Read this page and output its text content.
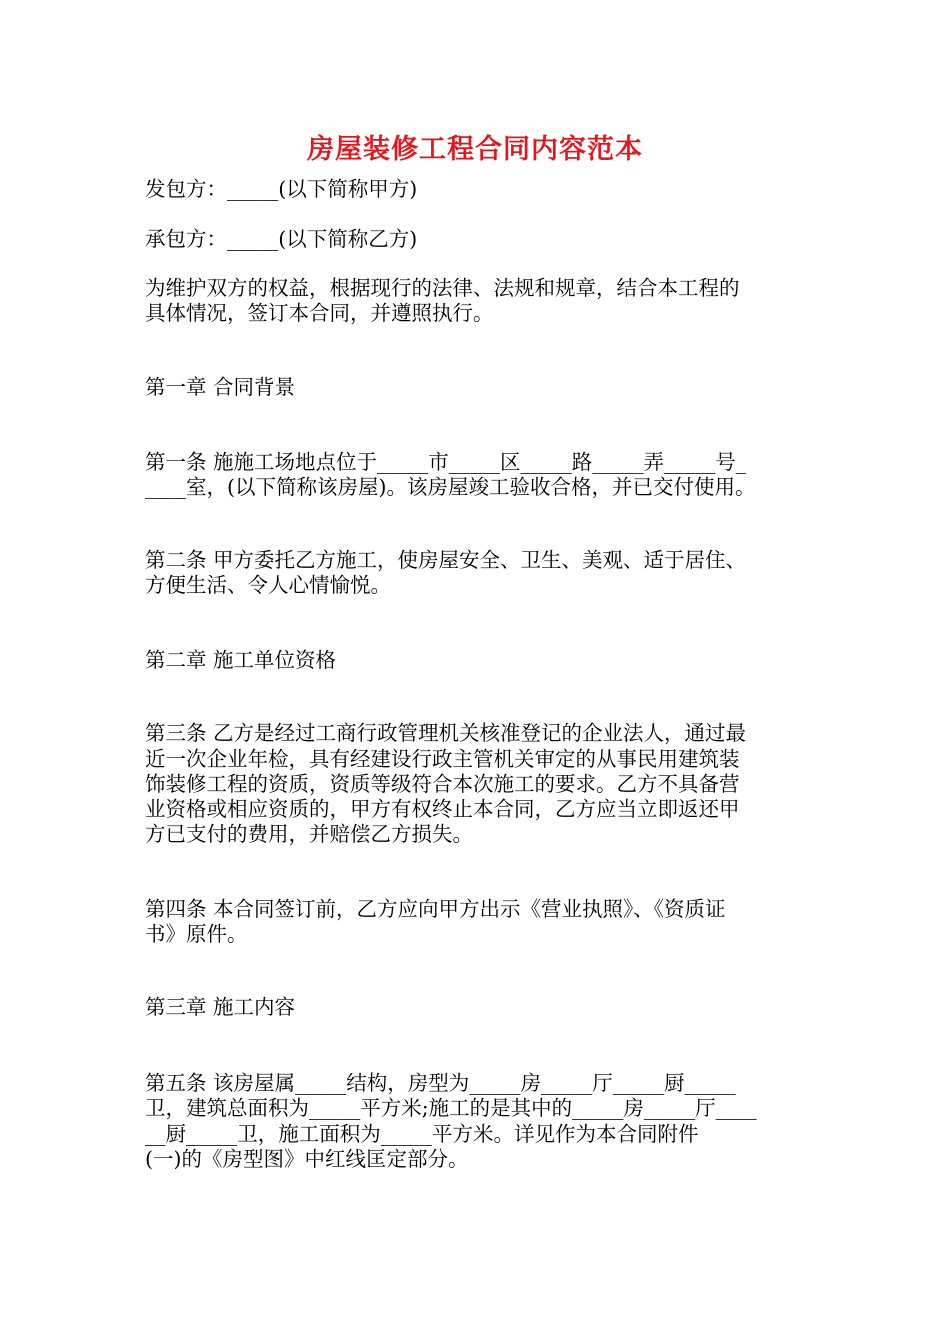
房屋装修工程合同内容范本
发包方：_____(以下简称甲方)
承包方：_____(以下简称乙方)
为维护双方的权益，根据现行的法律、法规和规章，结合本工程的
具体情况，签订本合同，并遵照执行。
第一章 合同背景
第一条 施施工场地点位于_____市_____区_____路_____弄_____号_
____室，(以下简称该房屋)。该房屋竣工验收合格，并已交付使用。
第二条 甲方委托乙方施工，使房屋安全、卫生、美观、适于居住、
方便生活、令人心情愉悦。
第二章 施工单位资格
第三条 乙方是经过工商行政管理机关核准登记的企业法人，通过最
近一次企业年检，具有经建设行政主管机关审定的从事民用建筑装
饰装修工程的资质，资质等级符合本次施工的要求。乙方不具备营
业资格或相应资质的，甲方有权终止本合同，乙方应当立即返还甲
方已支付的费用，并赔偿乙方损失。
第四条 本合同签订前，乙方应向甲方出示《营业执照》、《资质证
书》原件。
第三章 施工内容
第五条 该房屋属_____结构，房型为_____房_____厅_____厨_____
卫，建筑总面积为_____平方米;施工的是其中的_____房_____厅____
__厨_____卫，施工面积为_____平方米。详见作为本合同附件
(一)的《房型图》中红线匡定部分。
